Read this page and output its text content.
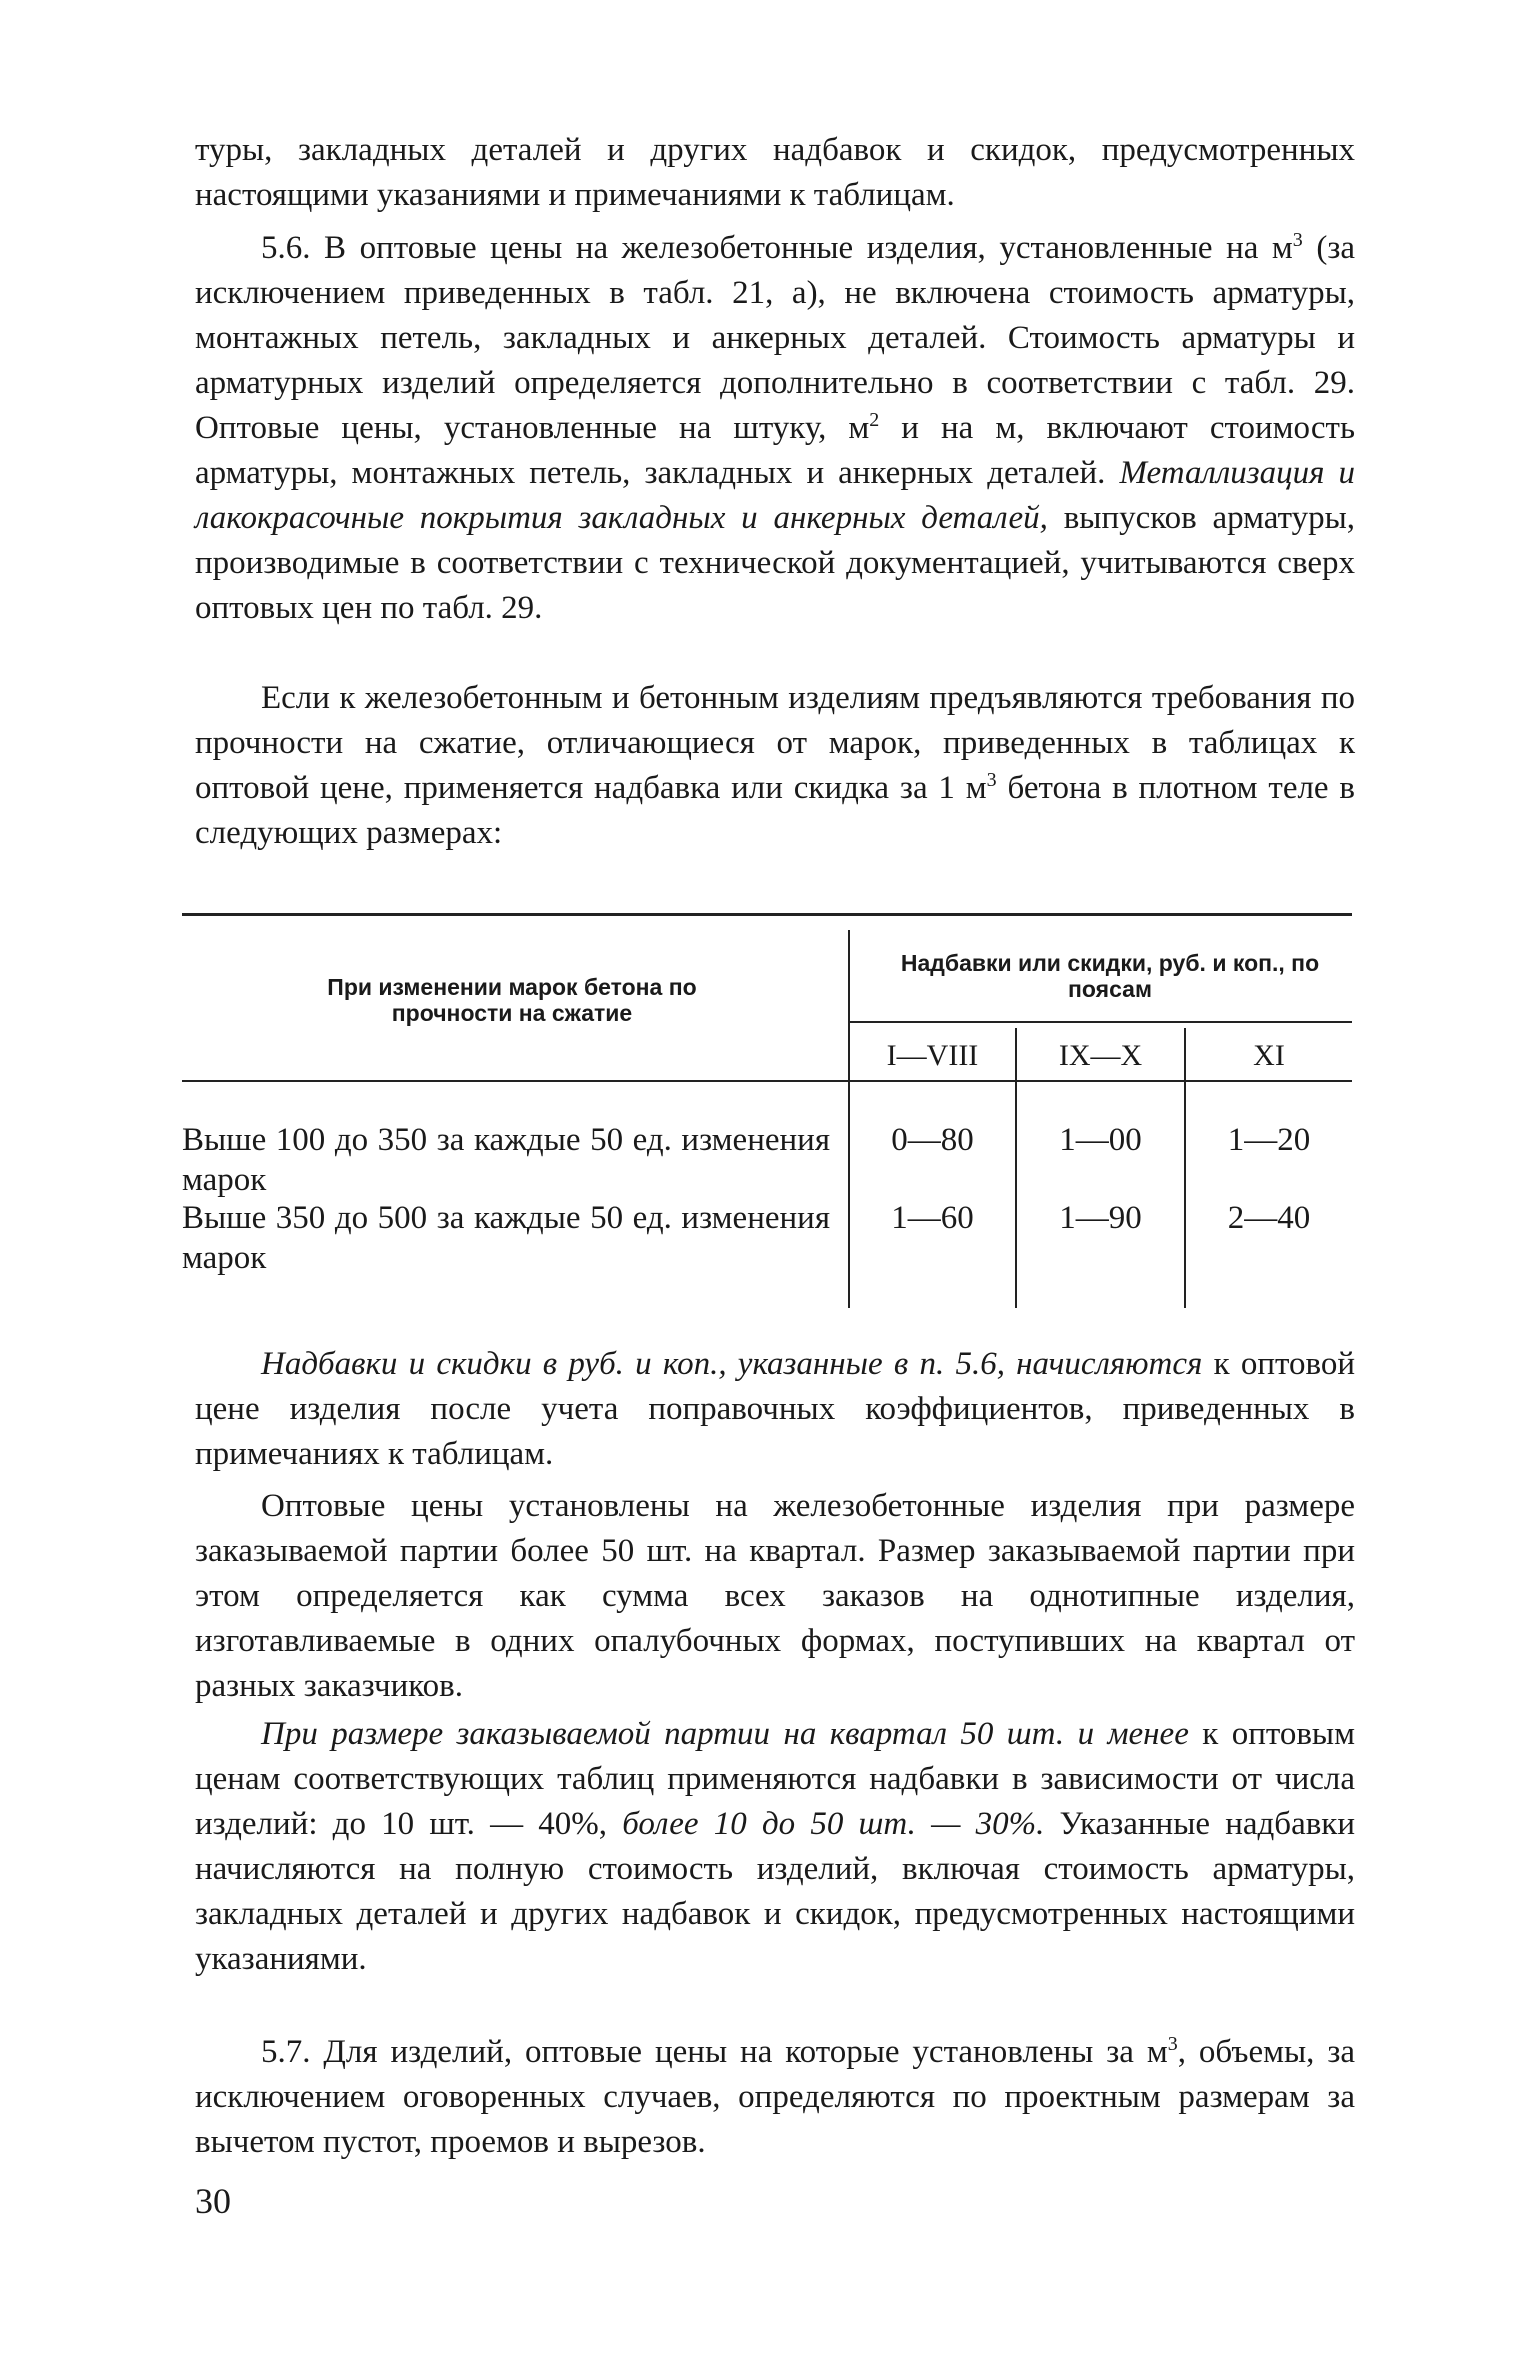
туры, закладных деталей и других надбавок и скидок, предусмотренных настоящими указаниями и примечаниями к таблицам.

5.6. В оптовые цены на железобетонные изделия, установленные на $м^3$ (за исключением приведенных в табл. 21, а), не включена стоимость арматуры, монтажных петель, закладных и анкерных деталей. Стоимость арматуры и арматурных изделий определяется дополнительно в соответствии с табл. 29. Оптовые цены, установленные на штуку, $м^2$ и на м, включают стоимость арматуры, монтажных петель, закладных и анкерных деталей. Металлизация и лакокрасочные покрытия закладных и анкерных деталей, выпусков арматуры, производимые в соответствии с технической документацией, учитываются сверх оптовых цен по табл. 29.

Если к железобетонным и бетонным изделиям предъявляются требования по прочности на сжатие, отличающиеся от марок, приведенных в таблицах к оптовой цене, применяется надбавка или скидка за 1 $м^3$ бетона в плотном теле в следующих размерах:

При изменении марок бетона по прочности на сжатие
Надбавки или скидки, руб. и коп., по поясам
I—VIII	IX—X	XI
Выше 100 до 350 за каждые 50 ед. изменения марок
0—80	1—00	1—20
Выше 350 до 500 за каждые 50 ед. изменения марок
1—60	1—90	2—40

Надбавки и скидки в руб. и коп., указанные в п. 5.6, начисляются к оптовой цене изделия после учета поправочных коэффициентов, приведенных в примечаниях к таблицам.

Оптовые цены установлены на железобетонные изделия при размере заказываемой партии более 50 шт. на квартал. Размер заказываемой партии при этом определяется как сумма всех заказов на однотипные изделия, изготавливаемые в одних опалубочных формах, поступивших на квартал от разных заказчиков.

При размере заказываемой партии на квартал 50 шт. и менее к оптовым ценам соответствующих таблиц применяются надбавки в зависимости от числа изделий: до 10 шт. — 40%, более 10 до 50 шт. — 30%. Указанные надбавки начисляются на полную стоимость изделий, включая стоимость арматуры, закладных деталей и других надбавок и скидок, предусмотренных настоящими указаниями.

5.7. Для изделий, оптовые цены на которые установлены за $м^3$, объемы, за исключением оговоренных случаев, определяются по проектным размерам за вычетом пустот, проемов и вырезов.

30
